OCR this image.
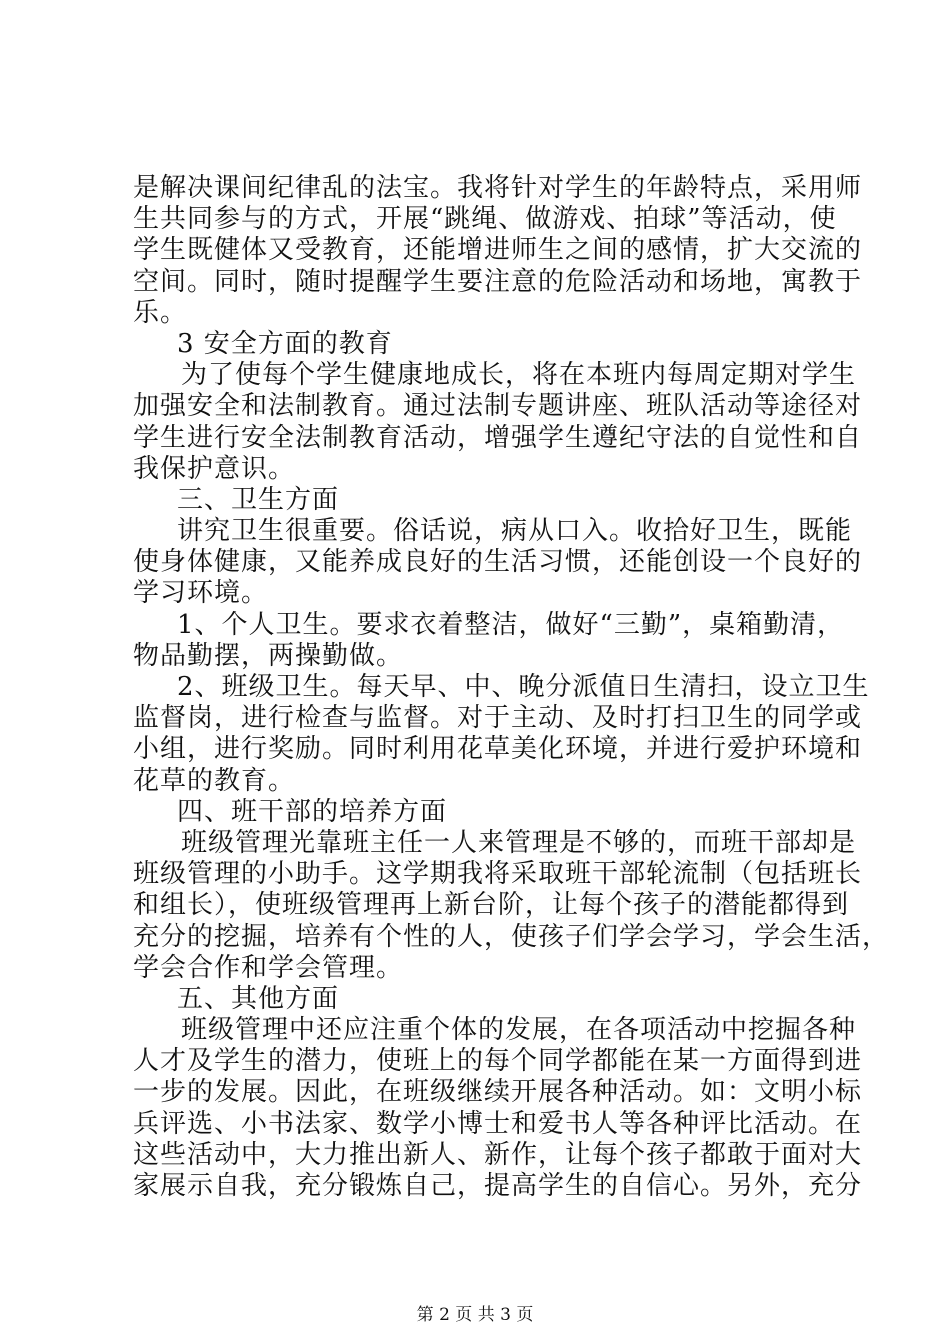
是解决课间纪律乱的法宝。我将针对学生的年龄特点，采用师
生共同参与的方式，开展“跳绳、做游戏、拍球”等活动，使
学生既健体又受教育，还能增进师生之间的感情，扩大交流的
空间。同时，随时提醒学生要注意的危险活动和场地，寓教于
乐。
3 安全方面的教育
为了使每个学生健康地成长，将在本班内每周定期对学生
加强安全和法制教育。通过法制专题讲座、班队活动等途径对
学生进行安全法制教育活动，增强学生遵纪守法的自觉性和自
我保护意识。
三、卫生方面
讲究卫生很重要。俗话说，病从口入。收拾好卫生，既能
使身体健康，又能养成良好的生活习惯，还能创设一个良好的
学习环境。
1、个人卫生。要求衣着整洁，做好“三勤”，桌箱勤清，
物品勤摆，两操勤做。
2、班级卫生。每天早、中、晚分派值日生清扫，设立卫生
监督岗，进行检查与监督。对于主动、及时打扫卫生的同学或
小组，进行奖励。同时利用花草美化环境，并进行爱护环境和
花草的教育。
四、班干部的培养方面
班级管理光靠班主任一人来管理是不够的，而班干部却是
班级管理的小助手。这学期我将采取班干部轮流制（包括班长
和组长），使班级管理再上新台阶，让每个孩子的潜能都得到
充分的挖掘，培养有个性的人，使孩子们学会学习，学会生活，
学会合作和学会管理。
五、其他方面
班级管理中还应注重个体的发展，在各项活动中挖掘各种
人才及学生的潜力，使班上的每个同学都能在某一方面得到进
一步的发展。因此，在班级继续开展各种活动。如：文明小标
兵评选、小书法家、数学小博士和爱书人等各种评比活动。在
这些活动中，大力推出新人、新作，让每个孩子都敢于面对大
家展示自我，充分锻炼自己，提高学生的自信心。另外，充分
第 2 页 共 3 页
